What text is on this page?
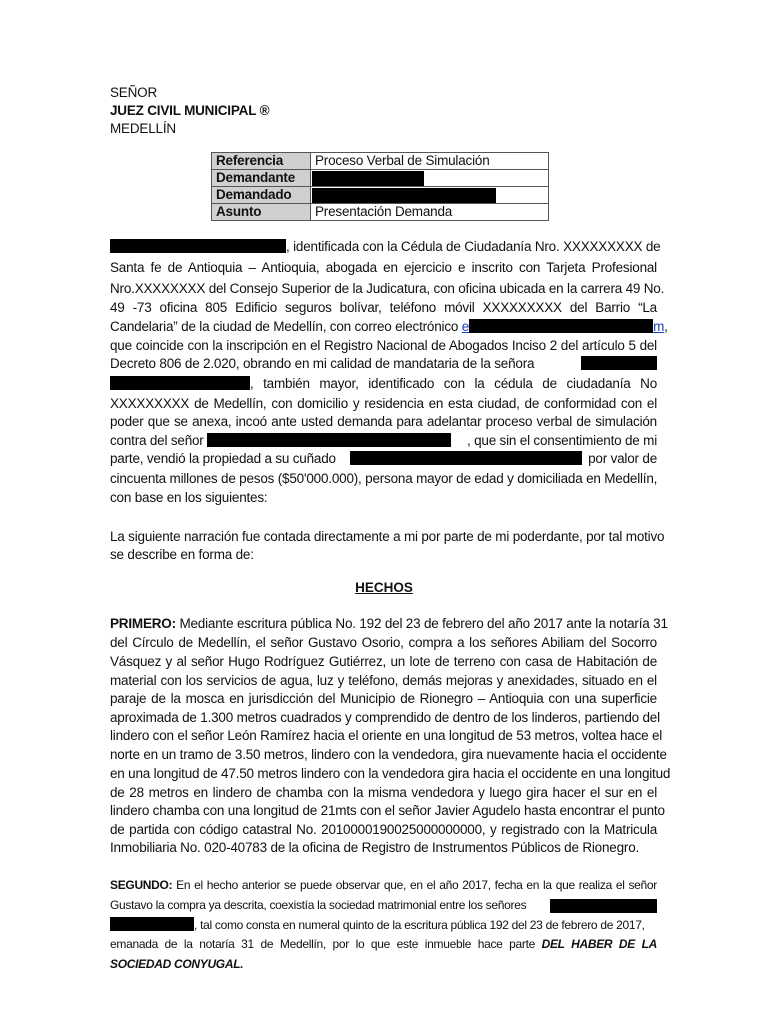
SEÑOR
JUEZ CIVIL MUNICIPAL ®
MEDELLÍN
Referencia	Proceso Verbal de Simulación
Demandante	

Demandado	

Asunto	Presentación Demanda
, identificada con la Cédula de Ciudadanía Nro. XXXXXXXXX de
Santa fe de Antioquia – Antioquia, abogada en ejercicio e inscrito con Tarjeta Profesional
Nro.XXXXXXXX del Consejo Superior de la Judicatura, con oficina ubicada en la carrera 49 No.
49 -73 oficina 805 Edificio seguros bolívar, teléfono móvil XXXXXXXXX del Barrio “La
Candelaria” de la ciudad de Medellín, con correo electrónico e	m,
que coincide con la inscripción en el Registro Nacional de Abogados Inciso 2 del artículo 5 del
Decreto 806 de 2.020, obrando en mi calidad de mandataria de la señora
, también mayor, identificado con la cédula de ciudadanía No
XXXXXXXXX de Medellín, con domicilio y residencia en esta ciudad, de conformidad con el
poder que se anexa, incoó ante usted demanda para adelantar proceso verbal de simulación
contra del señor	, que sin el consentimiento de mi
parte, vendió la propiedad a su cuñado	por valor de
cincuenta millones de pesos ($50'000.000), persona mayor de edad y domiciliada en Medellín,
con base en los siguientes:
La siguiente narración fue contada directamente a mi por parte de mi poderdante, por tal motivo
se describe en forma de:
HECHOS
PRIMERO: Mediante escritura pública No. 192 del 23 de febrero del año 2017 ante la notaría 31
del Círculo de Medellín, el señor Gustavo Osorio, compra a los señores Abiliam del Socorro
Vásquez y al señor Hugo Rodríguez Gutiérrez, un lote de terreno con casa de Habitación de
material con los servicios de agua, luz y teléfono, demás mejoras y anexidades, situado en el
paraje de la mosca en jurisdicción del Municipio de Rionegro – Antioquia con una superficie
aproximada de 1.300 metros cuadrados y comprendido de dentro de los linderos, partiendo del
lindero con el señor León Ramírez hacia el oriente en una longitud de 53 metros, voltea hace el
norte en un tramo de 3.50 metros, lindero con la vendedora, gira nuevamente hacia el occidente
en una longitud de 47.50 metros lindero con la vendedora gira hacia el occidente en una longitud
de 28 metros en lindero de chamba con la misma vendedora y luego gira hacer el sur en el
lindero chamba con una longitud de 21mts con el señor Javier Agudelo hasta encontrar el punto
de partida con código catastral No. 2010000190025000000000, y registrado con la Matricula
Inmobiliaria No. 020-40783 de la oficina de Registro de Instrumentos Públicos de Rionegro.
SEGUNDO: En el hecho anterior se puede observar que, en el año 2017, fecha en la que realiza el señor
Gustavo la compra ya descrita, coexistía la sociedad matrimonial entre los señores
, tal como consta en numeral quinto de la escritura pública 192 del 23 de febrero de 2017,
emanada de la notaría 31 de Medellín, por lo que este inmueble hace parte DEL HABER DE LA
SOCIEDAD CONYUGAL.
